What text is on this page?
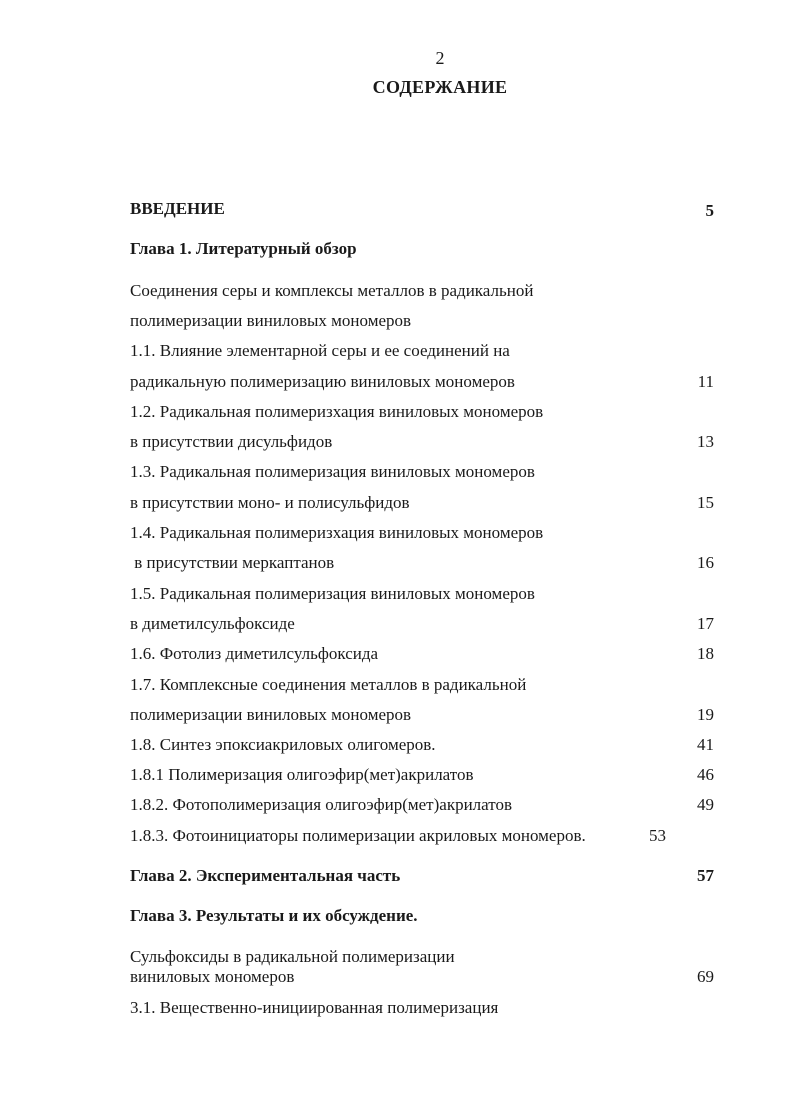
2
СОДЕРЖАНИЕ
ВВЕДЕНИЕ	5
Глава 1. Литературный обзор
Соединения серы и комплексы металлов в радикальной
полимеризации виниловых мономеров
1.1. Влияние элементарной серы и ее соединений на
радикальную полимеризацию виниловых мономеров	11
1.2. Радикальная полимеризхация виниловых мономеров
в присутствии дисульфидов	13
1.3. Радикальная полимеризация виниловых мономеров
в присутствии моно- и полисульфидов	15
1.4. Радикальная полимеризхация виниловых мономеров
в присутствии меркаптанов	16
1.5. Радикальная полимеризация виниловых мономеров
в диметилсульфоксиде	17
1.6. Фотолиз диметилсульфоксида	18
1.7. Комплексные соединения металлов в радикальной
полимеризации виниловых мономеров	19
1.8. Синтез эпоксиакриловых олигомеров.	41
1.8.1 Полимеризация олигоэфир(мет)акрилатов	46
1.8.2. Фотополимеризация олигоэфир(мет)акрилатов	49
1.8.3. Фотоинициаторы полимеризации акриловых мономеров.	53
Глава 2. Экспериментальная часть	57
Глава 3. Результаты и их обсуждение.
Сульфоксиды в радикальной полимеризации
виниловых мономеров	69
3.1. Вещественно-инициированная полимеризация
